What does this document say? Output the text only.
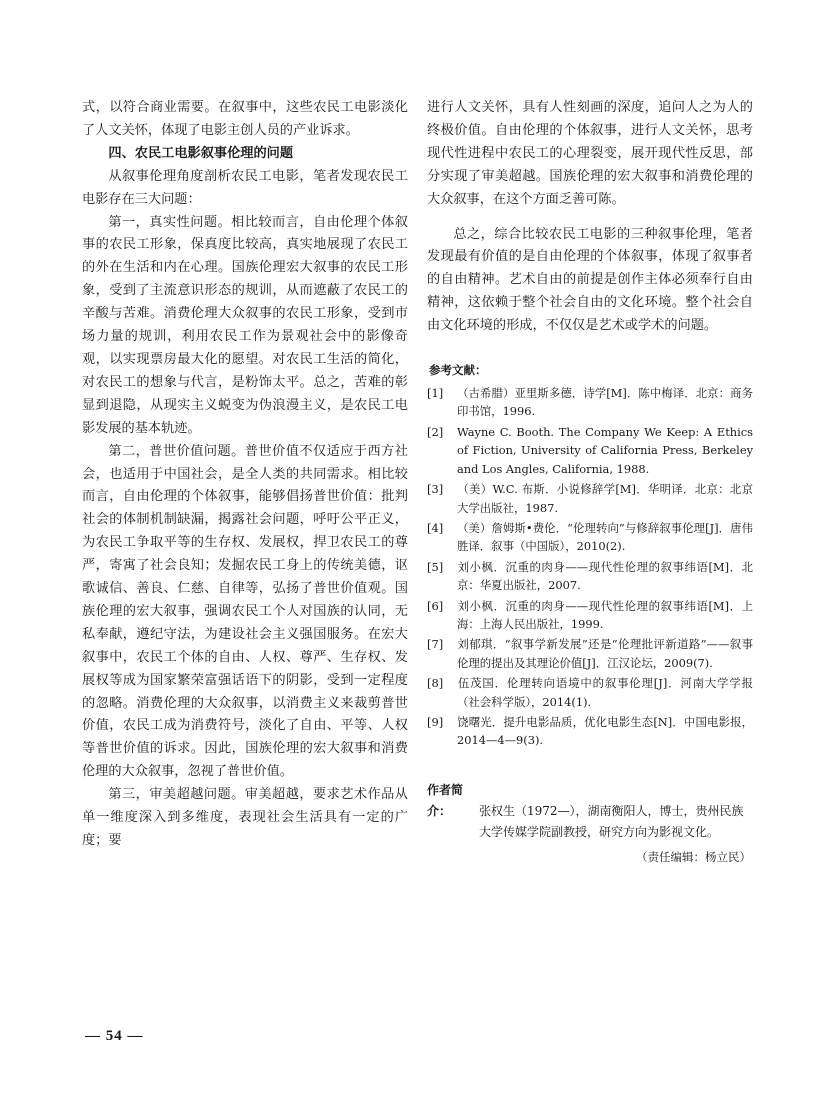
式，以符合商业需要。在叙事中，这些农民工电影淡化了人文关怀，体现了电影主创人员的产业诉求。

四、农民工电影叙事伦理的问题

从叙事伦理角度剖析农民工电影，笔者发现农民工电影存在三大问题：

第一，真实性问题。相比较而言，自由伦理个体叙事的农民工形象，保真度比较高，真实地展现了农民工的外在生活和内在心理。国族伦理宏大叙事的农民工形象，受到了主流意识形态的规训，从而遮蔽了农民工的辛酸与苦难。消费伦理大众叙事的农民工形象，受到市场力量的规训，利用农民工作为景观社会中的影像奇观，以实现票房最大化的愿望。对农民工生活的简化，对农民工的想象与代言，是粉饰太平。总之，苦难的彰显到退隐，从现实主义蜕变为伪浪漫主义，是农民工电影发展的基本轨迹。

第二，普世价值问题。普世价值不仅适应于西方社会，也适用于中国社会，是全人类的共同需求。相比较而言，自由伦理的个体叙事，能够倡扬普世价值：批判社会的体制机制缺漏，揭露社会问题，呼吁公平正义，为农民工争取平等的生存权、发展权，捍卫农民工的尊严，寄寓了社会良知；发掘农民工身上的传统美德，讴歌诚信、善良、仁慈、自律等，弘扬了普世价值观。国族伦理的宏大叙事，强调农民工个人对国族的认同，无私奉献，遵纪守法，为建设社会主义强国服务。在宏大叙事中，农民工个体的自由、人权、尊严、生存权、发展权等成为国家繁荣富强话语下的阴影，受到一定程度的忽略。消费伦理的大众叙事，以消费主义来裁剪普世价值，农民工成为消费符号，淡化了自由、平等、人权等普世价值的诉求。因此，国族伦理的宏大叙事和消费伦理的大众叙事，忽视了普世价值。

第三，审美超越问题。审美超越，要求艺术作品从单一维度深入到多维度，表现社会生活具有一定的广度；要

进行人文关怀，具有人性刻画的深度，追问人之为人的终极价值。自由伦理的个体叙事，进行人文关怀，思考现代性进程中农民工的心理裂变，展开现代性反思，部分实现了审美超越。国族伦理的宏大叙事和消费伦理的大众叙事，在这个方面乏善可陈。

总之，综合比较农民工电影的三种叙事伦理，笔者发现最有价值的是自由伦理的个体叙事，体现了叙事者的自由精神。艺术自由的前提是创作主体必须奉行自由精神，这依赖于整个社会自由的文化环境。整个社会自由文化环境的形成，不仅仅是艺术或学术的问题。

参考文献：
[1] （古希腊）亚里斯多德．诗学[M]．陈中梅译．北京：商务印书馆，1996.
[2] Wayne C. Booth. The Company We Keep: A Ethics of Fiction, University of California Press, Berkeley and Los Angles, California, 1988.
[3] （美）W.C. 布斯．小说修辞学[M]．华明译．北京：北京大学出版社，1987.
[4] （美）詹姆斯•费伦．“伦理转向”与修辞叙事伦理[J]．唐伟胜译．叙事（中国版），2010(2).
[5] 刘小枫．沉重的肉身——现代性伦理的叙事纬语[M]．北京：华夏出版社，2007.
[6] 刘小枫．沉重的肉身——现代性伦理的叙事纬语[M]．上海：上海人民出版社，1999.
[7] 刘郁琪．“叙事学新发展”还是“伦理批评新道路”——叙事伦理的提出及其理论价值[J]．江汉论坛，2009(7).
[8] 伍茂国．伦理转向语境中的叙事伦理[J]．河南大学学报（社会科学版），2014(1).
[9] 饶曙光．提升电影品质，优化电影生态[N]．中国电影报，2014—4—9(3).
作者简介： 张权生（1972—），湖南衡阳人，博士，贵州民族大学传媒学院副教授，研究方向为影视文化。
（责任编辑：杨立民）
— 54 —
